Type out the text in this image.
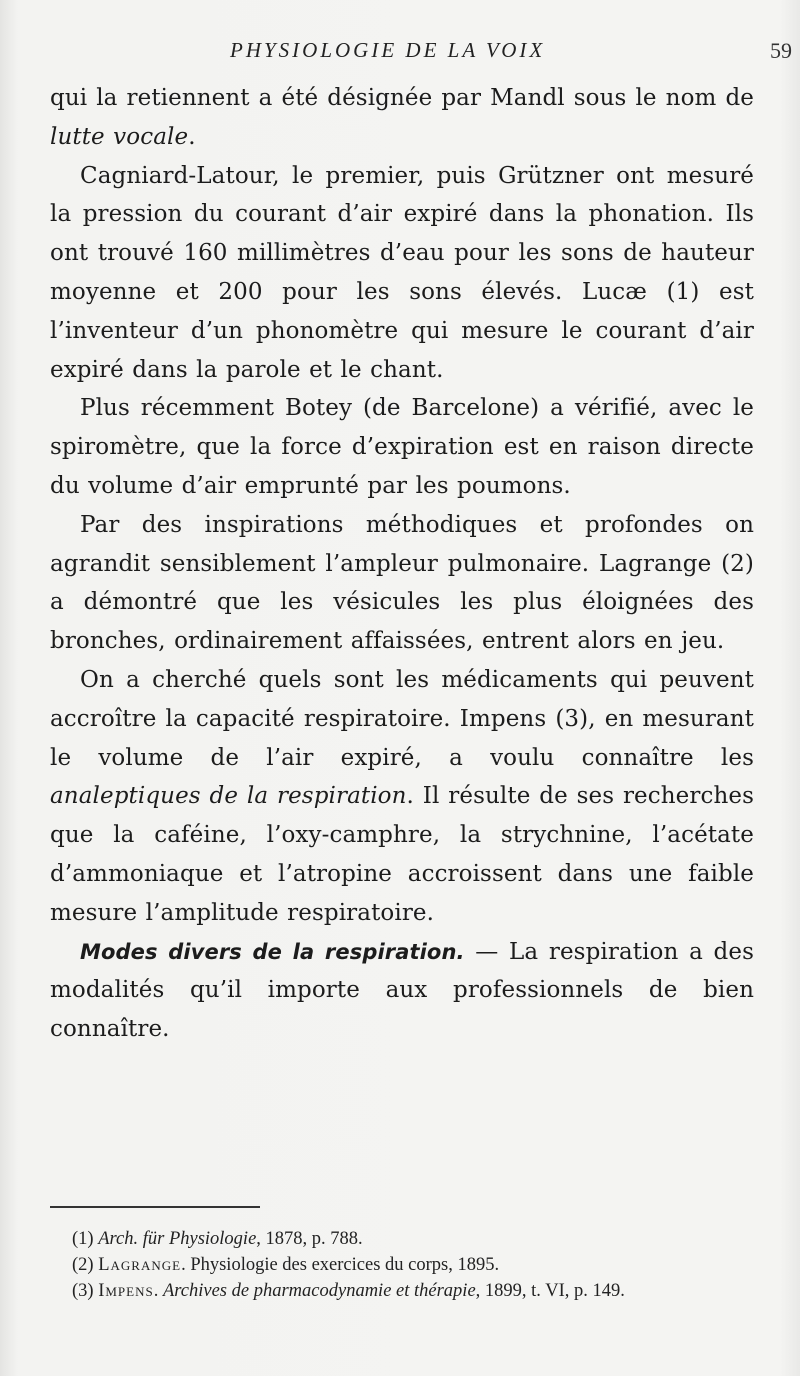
PHYSIOLOGIE DE LA VOIX	59

qui la retiennent a été désignée par Mandl sous le nom de lutte vocale.

Cagniard-Latour, le premier, puis Grützner ont mesuré la pression du courant d’air expiré dans la phonation. Ils ont trouvé 160 millimètres d’eau pour les sons de hauteur moyenne et 200 pour les sons élevés. Lucæ (1) est l’inventeur d’un phonomètre qui mesure le courant d’air expiré dans la parole et le chant.

Plus récemment Botey (de Barcelone) a vérifié, avec le spiromètre, que la force d’expiration est en raison directe du volume d’air emprunté par les poumons.

Par des inspirations méthodiques et profondes on agrandit sensiblement l’ampleur pulmonaire. Lagrange (2) a démontré que les vésicules les plus éloignées des bronches, ordinairement affaissées, entrent alors en jeu.

On a cherché quels sont les médicaments qui peuvent accroître la capacité respiratoire. Impens (3), en mesurant le volume de l’air expiré, a voulu connaître les analeptiques de la respiration. Il résulte de ses recherches que la caféine, l’oxy-camphre, la strychnine, l’acétate d’ammoniaque et l’atropine accroissent dans une faible mesure l’amplitude respiratoire.

Modes divers de la respiration. — La respiration a des modalités qu’il importe aux professionnels de bien connaître.

(1) Arch. für Physiologie, 1878, p. 788.

(2) Lagrange. Physiologie des exercices du corps, 1895.

(3) Impens. Archives de pharmacodynamie et thérapie, 1899, t. VI, p. 149.
